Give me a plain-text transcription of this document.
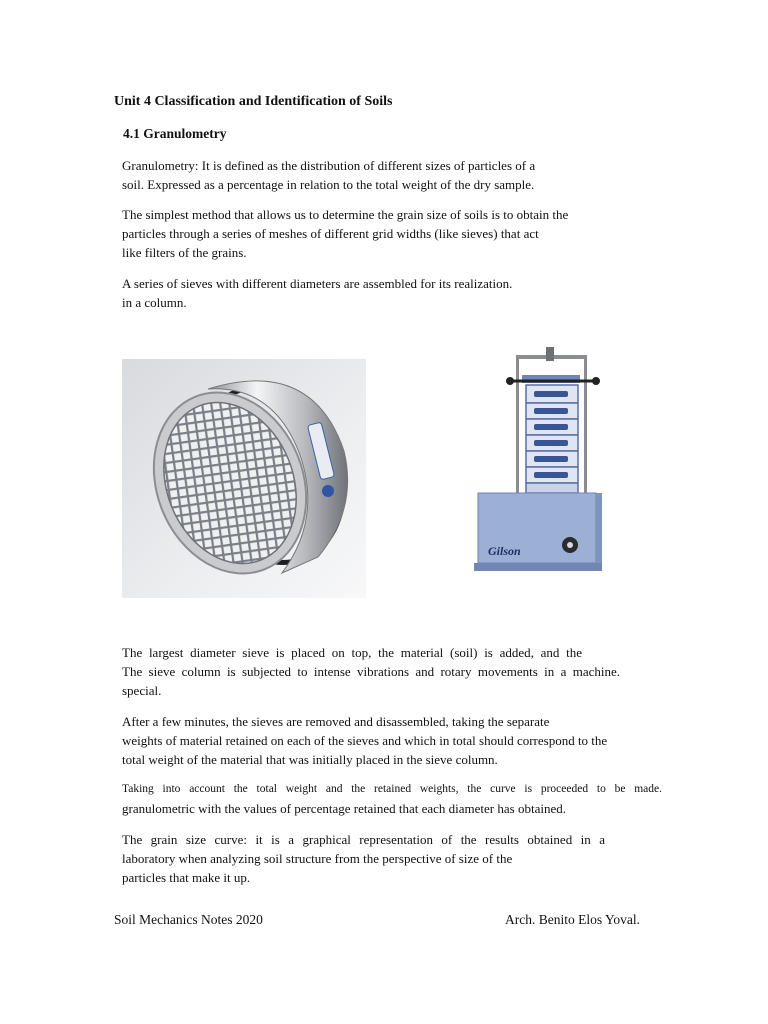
Unit 4 Classification and Identification of Soils
4.1 Granulometry
Granulometry: It is defined as the distribution of different sizes of particles of a
soil. Expressed as a percentage in relation to the total weight of the dry sample.
The simplest method that allows us to determine the grain size of soils is to obtain the
particles through a series of meshes of different grid widths (like sieves) that act
like filters of the grains.
A series of sieves with different diameters are assembled for its realization.
in a column.
Gilson
The largest diameter sieve is placed on top, the material (soil) is added, and the
The sieve column is subjected to intense vibrations and rotary movements in a machine.
special.
After a few minutes, the sieves are removed and disassembled, taking the separate
weights of material retained on each of the sieves and which in total should correspond to the
total weight of the material that was initially placed in the sieve column.
Taking into account the total weight and the retained weights, the curve is proceeded to be made.
granulometric with the values of percentage retained that each diameter has obtained.
The grain size curve: it is a graphical representation of the results obtained in a
laboratory when analyzing soil structure from the perspective of size of the
particles that make it up.
Soil Mechanics Notes 2020	Arch. Benito Elos Yoval.
